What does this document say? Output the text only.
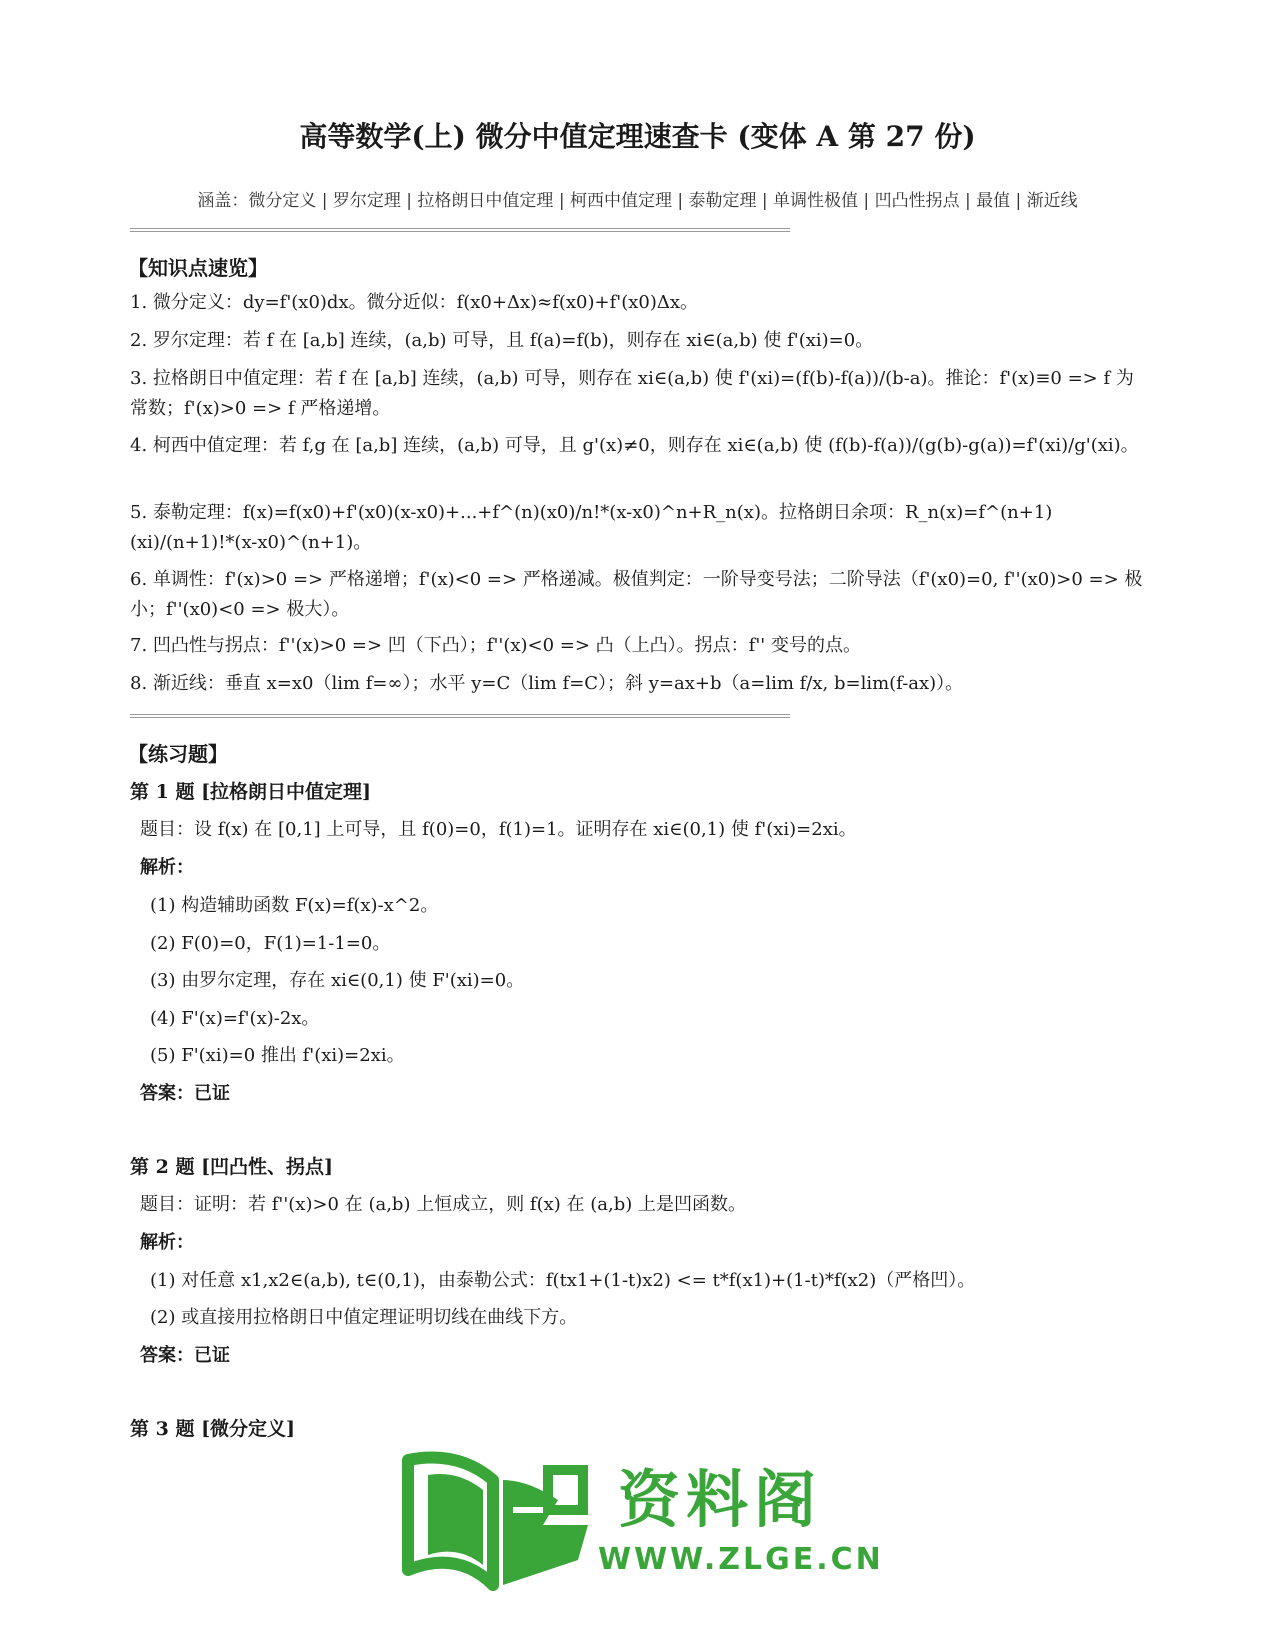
高等数学(上) 微分中值定理速查卡 (变体 A 第 27 份)
涵盖：微分定义 | 罗尔定理 | 拉格朗日中值定理 | 柯西中值定理 | 泰勒定理 | 单调性极值 | 凹凸性拐点 | 最值 | 渐近线
【知识点速览】
1. 微分定义：dy=f'(x0)dx。微分近似：f(x0+Δx)≈f(x0)+f'(x0)Δx。
2. 罗尔定理：若 f 在 [a,b] 连续，(a,b) 可导，且 f(a)=f(b)，则存在 xi∈(a,b) 使 f'(xi)=0。
3. 拉格朗日中值定理：若 f 在 [a,b] 连续，(a,b) 可导，则存在 xi∈(a,b) 使 f'(xi)=(f(b)-f(a))/(b-a)。推论：f'(x)≡0 => f 为常数；f'(x)>0 => f 严格递增。
4. 柯西中值定理：若 f,g 在 [a,b] 连续，(a,b) 可导，且 g'(x)≠0，则存在 xi∈(a,b) 使 (f(b)-f(a))/(g(b)-g(a))=f'(xi)/g'(xi)。
5. 泰勒定理：f(x)=f(x0)+f'(x0)(x-x0)+...+f^(n)(x0)/n!*(x-x0)^n+R_n(x)。拉格朗日余项：R_n(x)=f^(n+1)(xi)/(n+1)!*(x-x0)^(n+1)。
6. 单调性：f'(x)>0 => 严格递增；f'(x)<0 => 严格递减。极值判定：一阶导变号法；二阶导法（f'(x0)=0, f''(x0)>0 => 极小；f''(x0)<0 => 极大）。
7. 凹凸性与拐点：f''(x)>0 => 凹（下凸）；f''(x)<0 => 凸（上凸）。拐点：f'' 变号的点。
8. 渐近线：垂直 x=x0（lim f=∞）；水平 y=C（lim f=C）；斜 y=ax+b（a=lim f/x, b=lim(f-ax)）。
【练习题】
第 1 题 [拉格朗日中值定理]
题目：设 f(x) 在 [0,1] 上可导，且 f(0)=0，f(1)=1。证明存在 xi∈(0,1) 使 f'(xi)=2xi。
解析：
(1) 构造辅助函数 F(x)=f(x)-x^2。
(2) F(0)=0，F(1)=1-1=0。
(3) 由罗尔定理，存在 xi∈(0,1) 使 F'(xi)=0。
(4) F'(x)=f'(x)-2x。
(5) F'(xi)=0 推出 f'(xi)=2xi。
答案：已证
第 2 题 [凹凸性、拐点]
题目：证明：若 f''(x)>0 在 (a,b) 上恒成立，则 f(x) 在 (a,b) 上是凹函数。
解析：
(1) 对任意 x1,x2∈(a,b), t∈(0,1)，由泰勒公式：f(tx1+(1-t)x2) <= t*f(x1)+(1-t)*f(x2)（严格凹）。
(2) 或直接用拉格朗日中值定理证明切线在曲线下方。
答案：已证
第 3 题 [微分定义]
资料阁
WWW.ZLGE.CN
